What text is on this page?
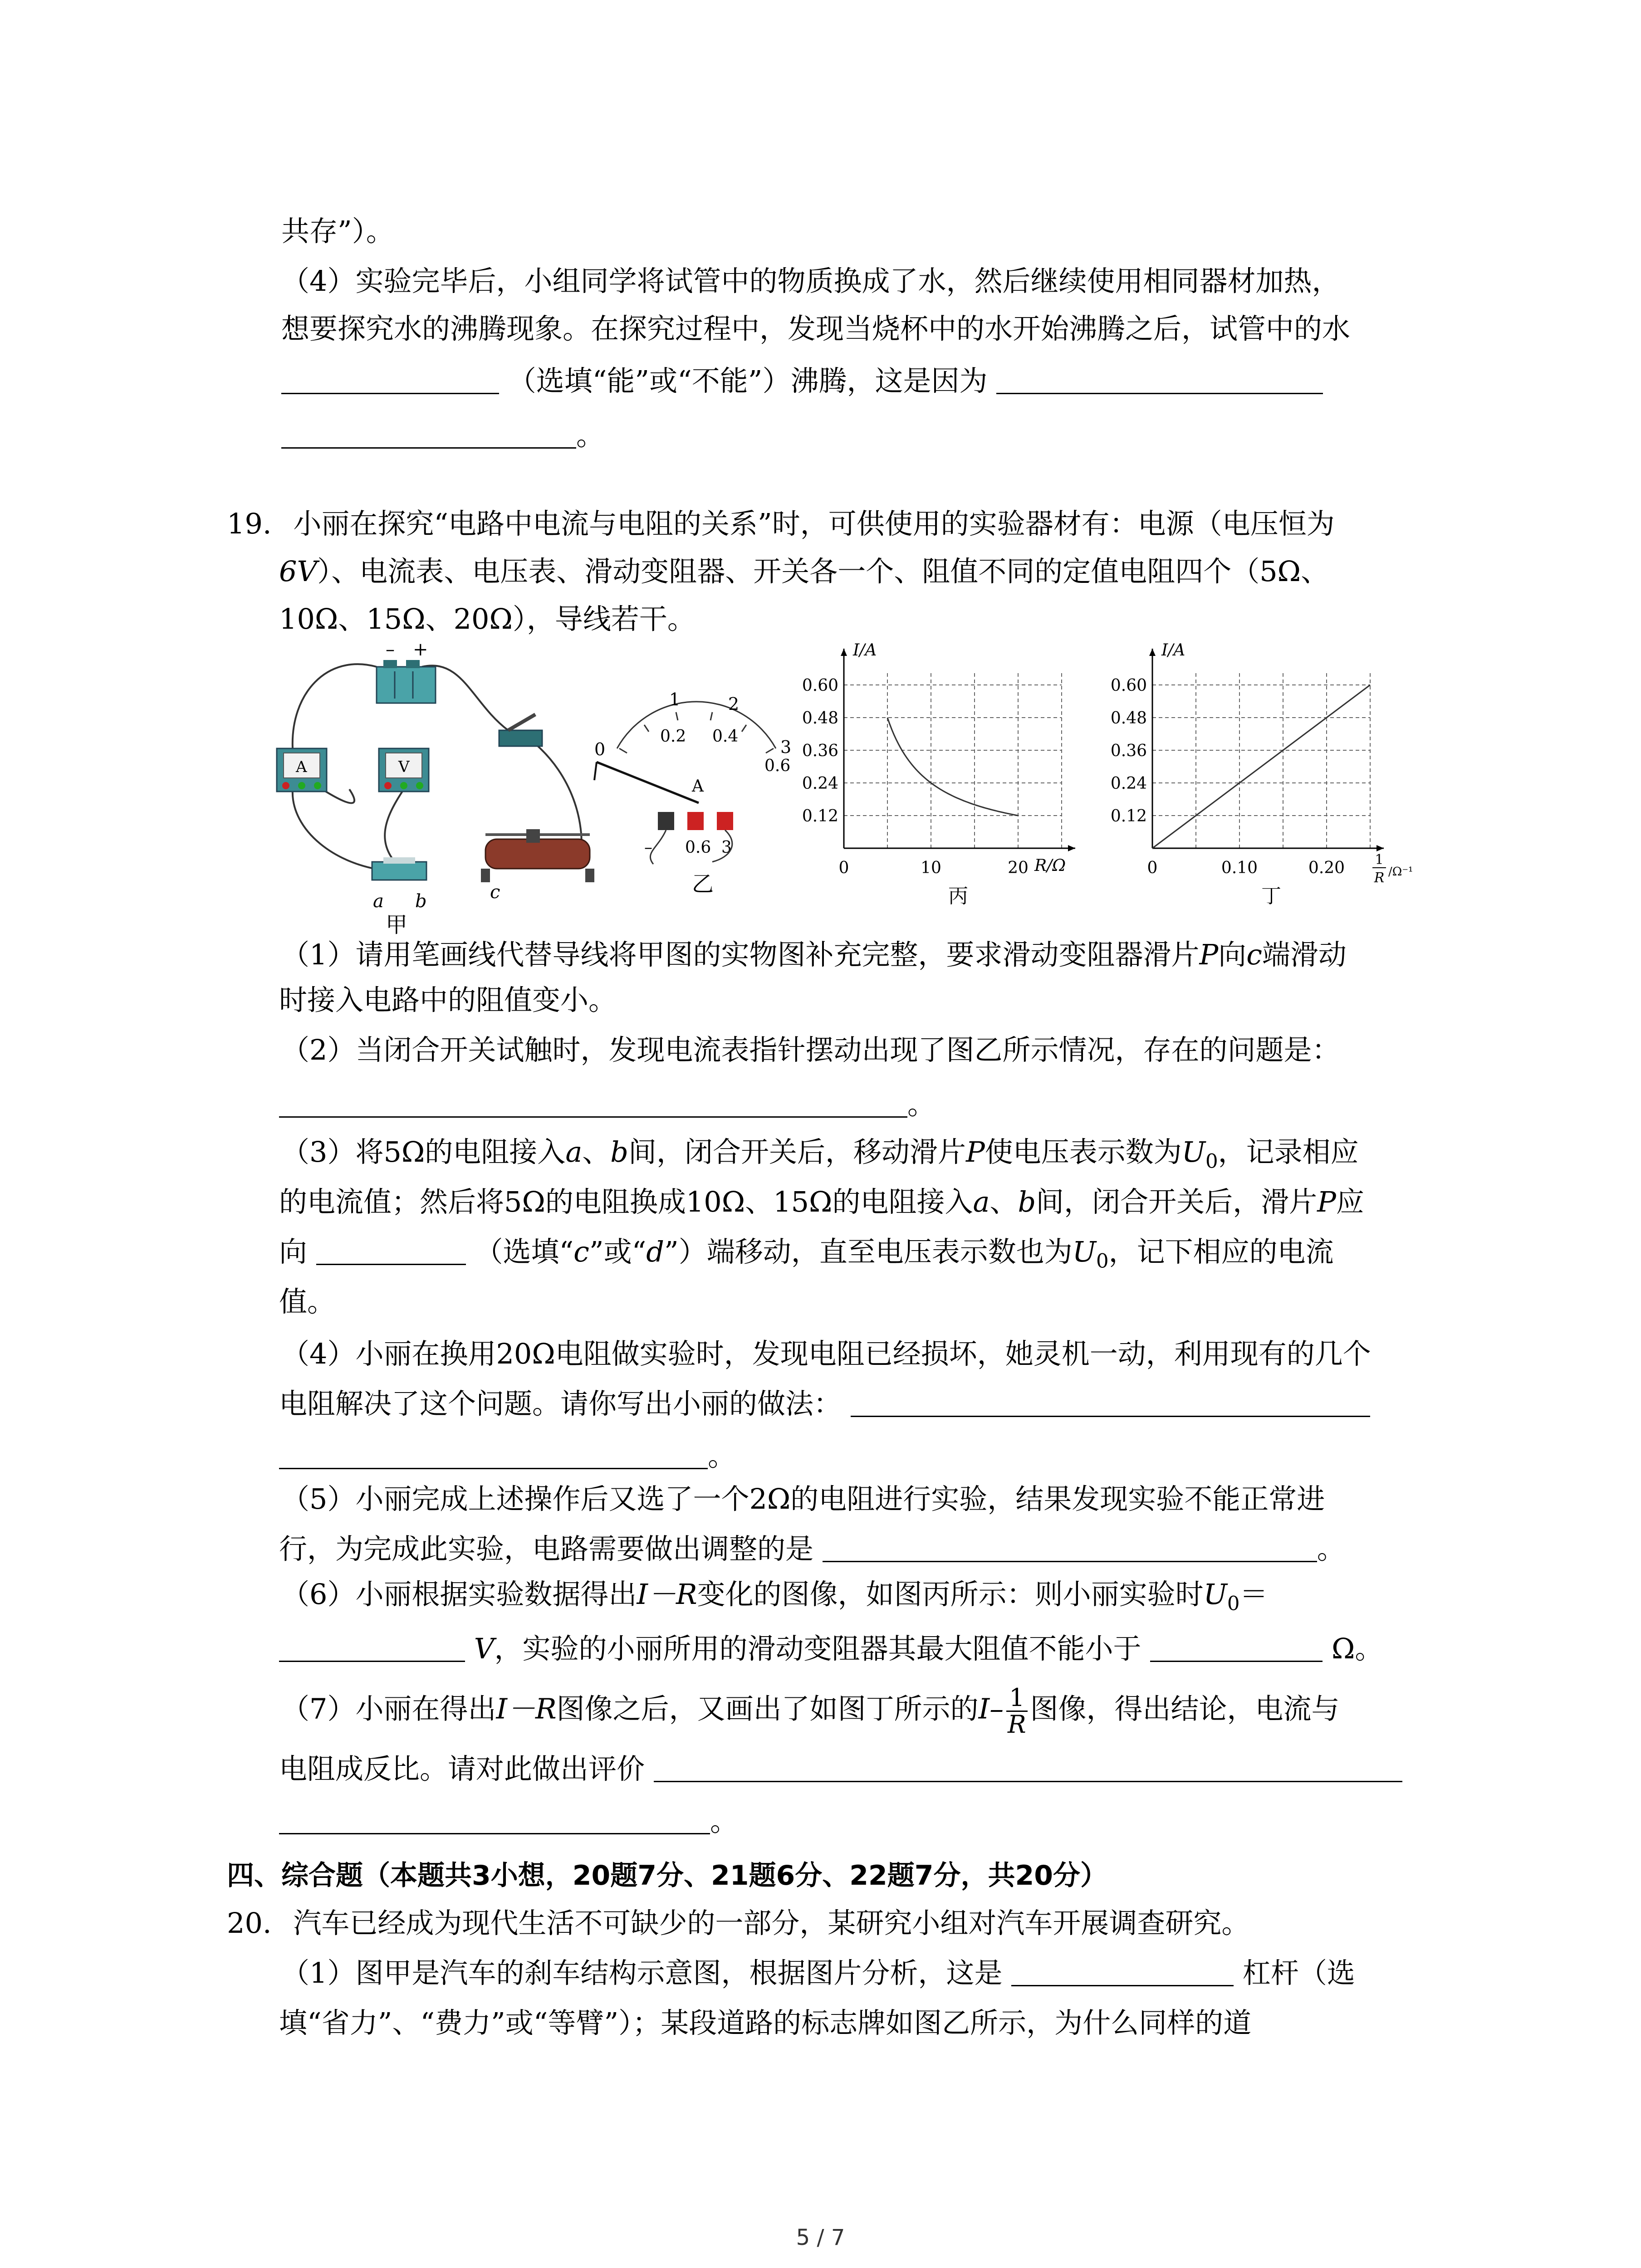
共存”）。
（4）实验完毕后，小组同学将试管中的物质换成了水，然后继续使用相同器材加热，
想要探究水的沸腾现象。在探究过程中，发现当烧杯中的水开始沸腾之后，试管中的水
（选填“能”或“不能”）沸腾，这是因为
。
19. 小丽在探究“电路中电流与电阻的关系”时，可供使用的实验器材有：电源（电压恒为
6V）、电流表、电压表、滑动变阻器、开关各一个、阻值不同的定值电阻四个（5Ω、
10Ω、15Ω、20Ω），导线若干。
– +
A	V
a b	c
甲
0
1	2
3
0.2 0.4
0.6
A
– 0.6 3
乙
0.12
0.24
0.36
0.48
0.60
0	10	20
I/A
R/Ω
丙
0.12
0.24
0.36
0.48
0.60
0	0.10	0.20
I/A
1
R /Ω⁻¹
丁
（1）请用笔画线代替导线将甲图的实物图补充完整，要求滑动变阻器滑片P向c端滑动
时接入电路中的阻值变小。
（2）当闭合开关试触时，发现电流表指针摆动出现了图乙所示情况，存在的问题是：
。
（3）将5Ω的电阻接入a、b间，闭合开关后，移动滑片P使电压表示数为$U_0$，记录相应
的电流值；然后将5Ω的电阻换成10Ω、15Ω的电阻接入a、b间，闭合开关后，滑片P应
向	（选填“c”或“d”）端移动，直至电压表示数也为$U_0$，记下相应的电流
值。
（4）小丽在换用20Ω电阻做实验时，发现电阻已经损坏，她灵机一动，利用现有的几个
电阻解决了这个问题。请你写出小丽的做法：
。
（5）小丽完成上述操作后又选了一个2Ω的电阻进行实验，结果发现实验不能正常进
行，为完成此实验，电路需要做出调整的是	。
（6）小丽根据实验数据得出I－R变化的图像，如图丙所示：则小丽实验时$U_0=$
V，实验的小丽所用的滑动变阻器其最大阻值不能小于	Ω。
（7）小丽在得出I－R图像之后，又画出了如图丁所示的$I- \frac{1}{R}$ 图像，得出结论，电流与
电阻成反比。请对此做出评价
。
四、综合题（本题共3小想，20题7分、21题6分、22题7分，共20分）
20. 汽车已经成为现代生活不可缺少的一部分，某研究小组对汽车开展调查研究。
（1）图甲是汽车的刹车结构示意图，根据图片分析，这是	杠杆（选
填“省力”、“费力”或“等臂”）；某段道路的标志牌如图乙所示，为什么同样的道
5 / 7
